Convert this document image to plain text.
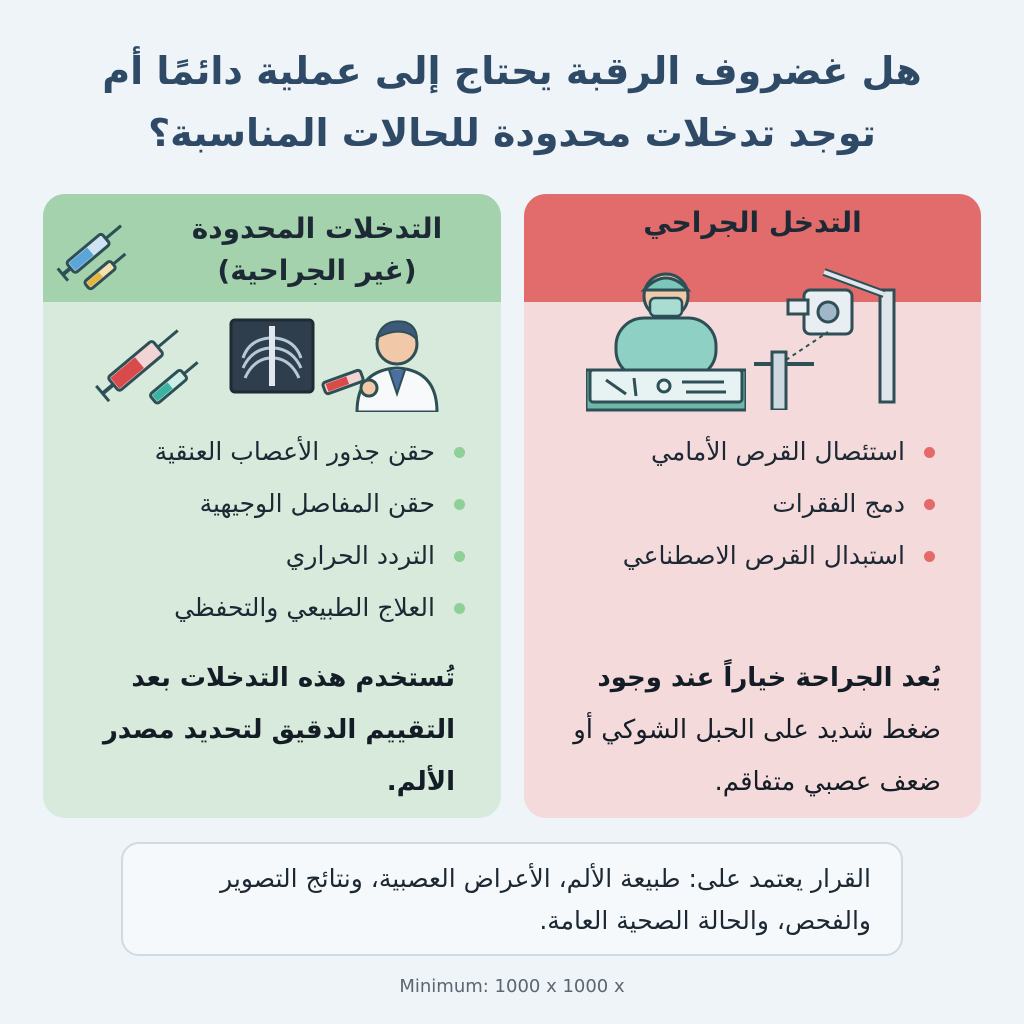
هل غضروف الرقبة يحتاج إلى عملية دائمًا أم
توجد تدخلات محدودة للحالات المناسبة؟
التدخل الجراحي
استئصال القرص الأمامي
دمج الفقرات
استبدال القرص الاصطناعي
يُعد الجراحة خياراً عند وجود ضغط شديد على الحبل الشوكي أو ضعف عصبي متفاقم.
التدخلات المحدودة
(غير الجراحية)
حقن جذور الأعصاب العنقية
حقن المفاصل الوجيهية
التردد الحراري
العلاج الطبيعي والتحفظي
تُستخدم هذه التدخلات بعد التقييم الدقيق لتحديد مصدر الألم.
القرار يعتمد على: طبيعة الألم، الأعراض العصبية، ونتائج التصوير والفحص، والحالة الصحية العامة.
Minimum: 1000 x 1000 x
